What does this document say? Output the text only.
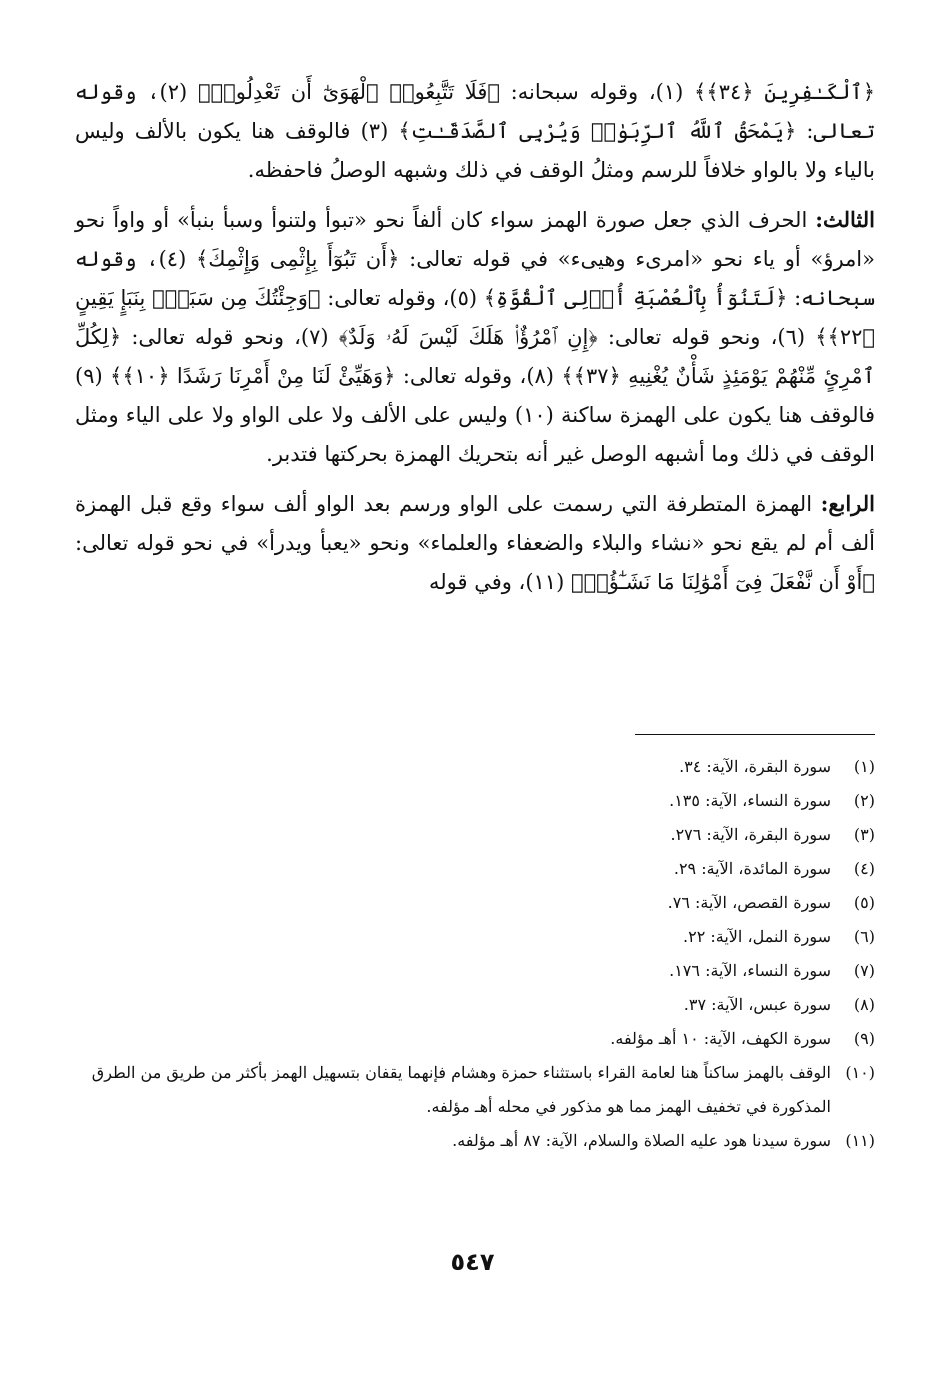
﴿ٱلْكَـٰفِرِينَ ﴿٣٤﴾﴾ (١)، وقوله سبحانه: ﴿فَلَا تَتَّبِعُوا۟ ٱلْهَوَىٰٓ أَن تَعْدِلُوا۟﴾ (٢)، وقوله تعالى: ﴿يَمْحَقُ ٱللَّهُ ٱلرِّبَوٰا۟ وَيُرْبِى ٱلصَّدَقَـٰتِ﴾ (٣) فالوقف هنا يكون بالألف وليس بالياء ولا بالواو خلافاً للرسم ومثلُ الوقف في ذلك وشبهه الوصلُ فاحفظه.

الثالث: الحرف الذي جعل صورة الهمز سواء كان ألفاً نحو «تبوأ ولتنوأ وسبأ بنبأ» أو واواً نحو «امرؤ» أو ياء نحو «امرىء وهيىء» في قوله تعالى: ﴿أَن تَبُوٓأَ بِإِثْمِى وَإِثْمِكَ﴾ (٤)، وقوله سبحانه: ﴿لَتَنُوٓأُ بِٱلْعُصْبَةِ أُو۟لِى ٱلْقُوَّةِ﴾ (٥)، وقوله تعالى: ﴿وَجِئْتُكَ مِن سَبَإٍۭ بِنَبَإٍ يَقِينٍ ﴿٢٢﴾﴾ (٦)، ونحو قوله تعالى: ﴿إِنِ ٱمْرُؤٌا۟ هَلَكَ لَيْسَ لَهُۥ وَلَدٌ﴾ (٧)، ونحو قوله تعالى: ﴿لِكُلِّ ٱمْرِئٍ مِّنْهُمْ يَوْمَئِذٍ شَأْنٌ يُغْنِيهِ ﴿٣٧﴾﴾ (٨)، وقوله تعالى: ﴿وَهَيِّئْ لَنَا مِنْ أَمْرِنَا رَشَدًا ﴿١٠﴾﴾ (٩) فالوقف هنا يكون على الهمزة ساكنة (١٠) وليس على الألف ولا على الواو ولا على الياء ومثل الوقف في ذلك وما أشبهه الوصل غير أنه بتحريك الهمزة بحركتها فتدبر.

الرابع: الهمزة المتطرفة التي رسمت على الواو ورسم بعد الواو ألف سواء وقع قبل الهمزة ألف أم لم يقع نحو «نشاء والبلاء والضعفاء والعلماء» ونحو «يعبأ ويدرأ» في نحو قوله تعالى: ﴿أَوْ أَن نَّفْعَلَ فِىٓ أَمْوَٰلِنَا مَا نَشَـٰٓؤُا۟﴾ (١١)، وفي قوله

(١)
سورة البقرة، الآية: ٣٤.
(٢)
سورة النساء، الآية: ١٣٥.
(٣)
سورة البقرة، الآية: ٢٧٦.
(٤)
سورة المائدة، الآية: ٢٩.
(٥)
سورة القصص، الآية: ٧٦.
(٦)
سورة النمل، الآية: ٢٢.
(٧)
سورة النساء، الآية: ١٧٦.
(٨)
سورة عبس، الآية: ٣٧.
(٩)
سورة الكهف، الآية: ١٠ أهـ مؤلفه.
(١٠)
الوقف بالهمز ساكناً هنا لعامة القراء باستثناء حمزة وهشام فإنهما يقفان بتسهيل الهمز بأكثر من طريق من الطرق المذكورة في تخفيف الهمز مما هو مذكور في محله أهـ مؤلفه.
(١١)
سورة سيدنا هود عليه الصلاة والسلام، الآية: ٨٧ أهـ مؤلفه.
٥٤٧
